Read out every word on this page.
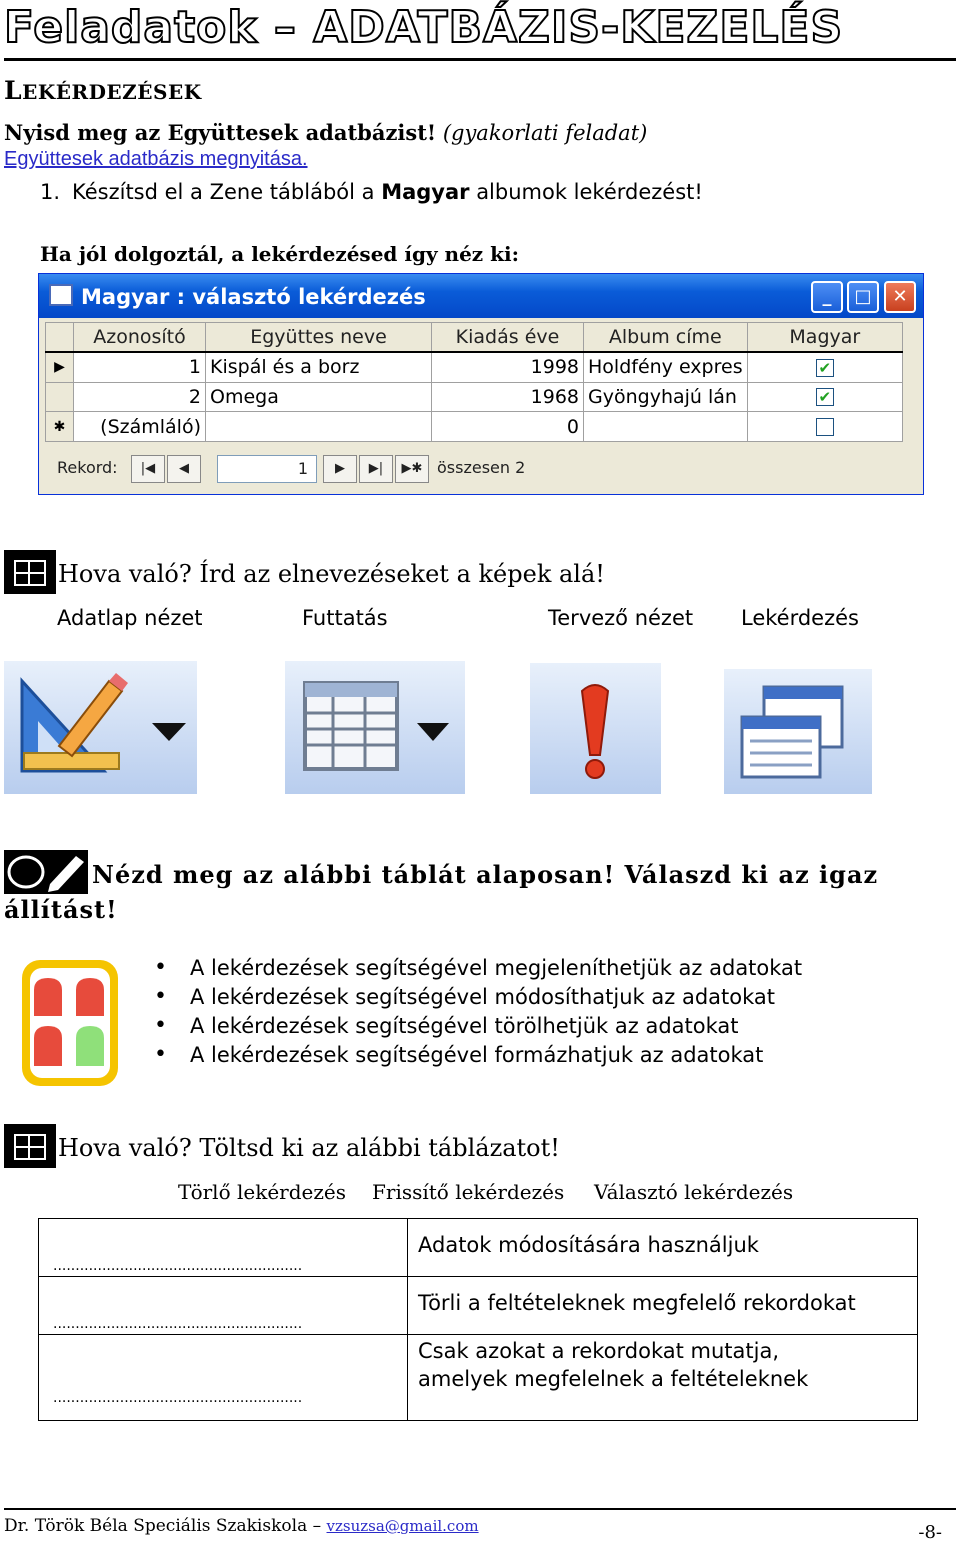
Feladatok – ADATBÁZIS-KEZELÉS
LEKÉRDEZÉSEK
Nyisd meg az Együttesek adatbázist! (gyakorlati feladat)
Együttesek adatbázis megnyitása.
1. Készítsd el a Zene táblából a Magyar albumok lekérdezést!
Ha jól dolgoztál, a lekérdezésed így néz ki:
Magyar : választó lekérdezés	_	□	✕
	Azonosító	Együttes neve	Kiadás éve	Album címe	Magyar
▶	1	Kispál és a borz	1998	Holdfény expres	✔
	2	Omega	1968	Gyöngyhajú lán	✔
✱	(Számláló)		0		
Rekord:	|◀	◀	1	▶	▶|	▶✱ összesen 2
Hova való? Írd az elnevezéseket a képek alá!
Adatlap nézet	Futtatás	Tervező nézet Lekérdezés
Nézd meg az alábbi táblát alaposan! Válaszd ki az igaz
állítást!
• A lekérdezések segítségével megjeleníthetjük az adatokat
• A lekérdezések segítségével módosíthatjuk az adatokat
• A lekérdezések segítségével törölhetjük az adatokat
• A lekérdezések segítségével formázhatjuk az adatokat
Hova való? Töltsd ki az alábbi táblázatot!
Törlő lekérdezés Frissítő lekérdezés Választó lekérdezés
........................................................	Adatok módosítására használjuk

........................................................	Törli a feltételeknek megfelelő rekordokat

........................................................	Csak azokat a rekordokat mutatja, amelyek megfelelnek a feltételeknek
Dr. Török Béla Speciális Szakiskola – vzsuzsa@gmail.com	-8-
